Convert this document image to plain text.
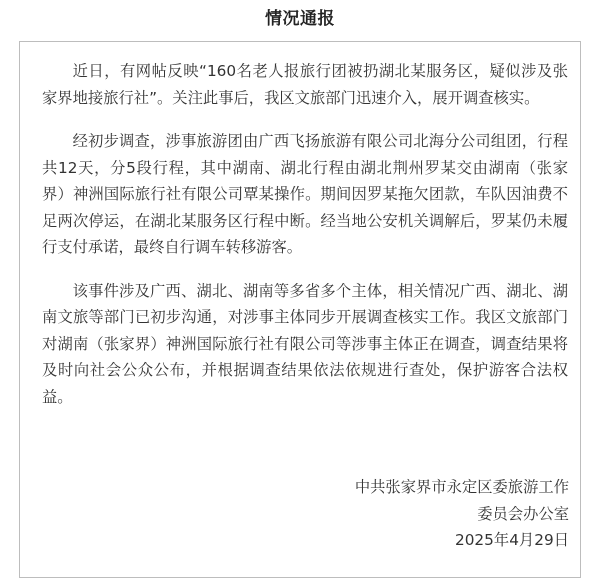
情况通报

近日，有网帖反映“160名老人报旅行团被扔湖北某服务区，疑似涉及张家界地接旅行社”。关注此事后，我区文旅部门迅速介入，展开调查核实。

经初步调查，涉事旅游团由广西飞扬旅游有限公司北海分公司组团，行程共12天，分5段行程，其中湖南、湖北行程由湖北荆州罗某交由湖南（张家界）神洲国际旅行社有限公司覃某操作。期间因罗某拖欠团款，车队因油费不足两次停运，在湖北某服务区行程中断。经当地公安机关调解后，罗某仍未履行支付承诺，最终自行调车转移游客。

该事件涉及广西、湖北、湖南等多省多个主体，相关情况广西、湖北、湖南文旅等部门已初步沟通，对涉事主体同步开展调查核实工作。我区文旅部门对湖南（张家界）神洲国际旅行社有限公司等涉事主体正在调查，调查结果将及时向社会公众公布，并根据调查结果依法依规进行查处，保护游客合法权益。

中共张家界市永定区委旅游工作
委员会办公室
2025年4月29日
